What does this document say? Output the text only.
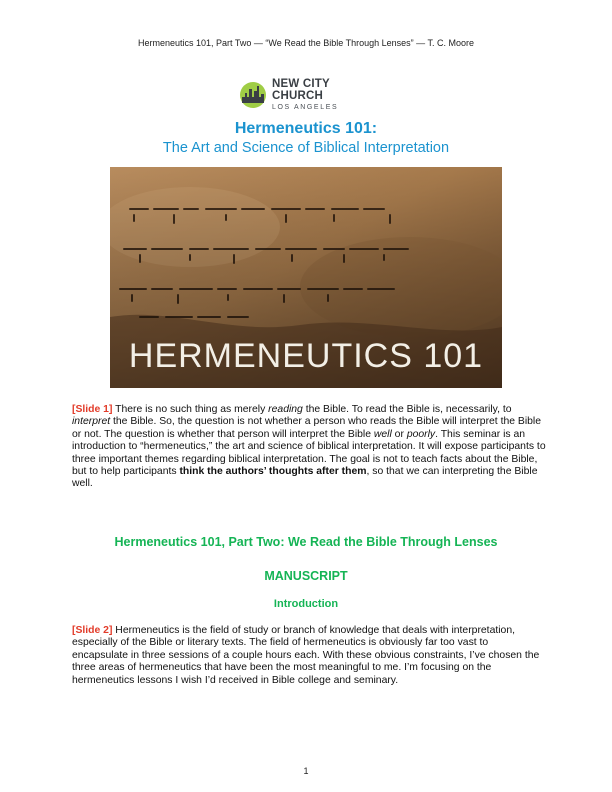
Hermeneutics 101, Part Two — “We Read the Bible Through Lenses” — T. C. Moore
NEW CITY CHURCH
LOS ANGELES
Hermeneutics 101:
The Art and Science of Biblical Interpretation
HERMENEUTICS 101
[Slide 1] There is no such thing as merely reading the Bible. To read the Bible is, necessarily, to interpret the Bible. So, the question is not whether a person who reads the Bible will interpret the Bible or not. The question is whether that person will interpret the Bible well or poorly. This seminar is an introduction to “hermeneutics,” the art and science of biblical interpretation. It will expose participants to three important themes regarding biblical interpretation. The goal is not to teach facts about the Bible, but to help participants think the authors’ thoughts after them, so that we can interpreting the Bible well.
Hermeneutics 101, Part Two: We Read the Bible Through Lenses
MANUSCRIPT
Introduction
[Slide 2] Hermeneutics is the field of study or branch of knowledge that deals with interpretation, especially of the Bible or literary texts. The field of hermeneutics is obviously far too vast to encapsulate in three sessions of a couple hours each. With these obvious constraints, I’ve chosen the three areas of hermeneutics that have been the most meaningful to me. I’m focusing on the hermeneutics lessons I wish I’d received in Bible college and seminary.
1
